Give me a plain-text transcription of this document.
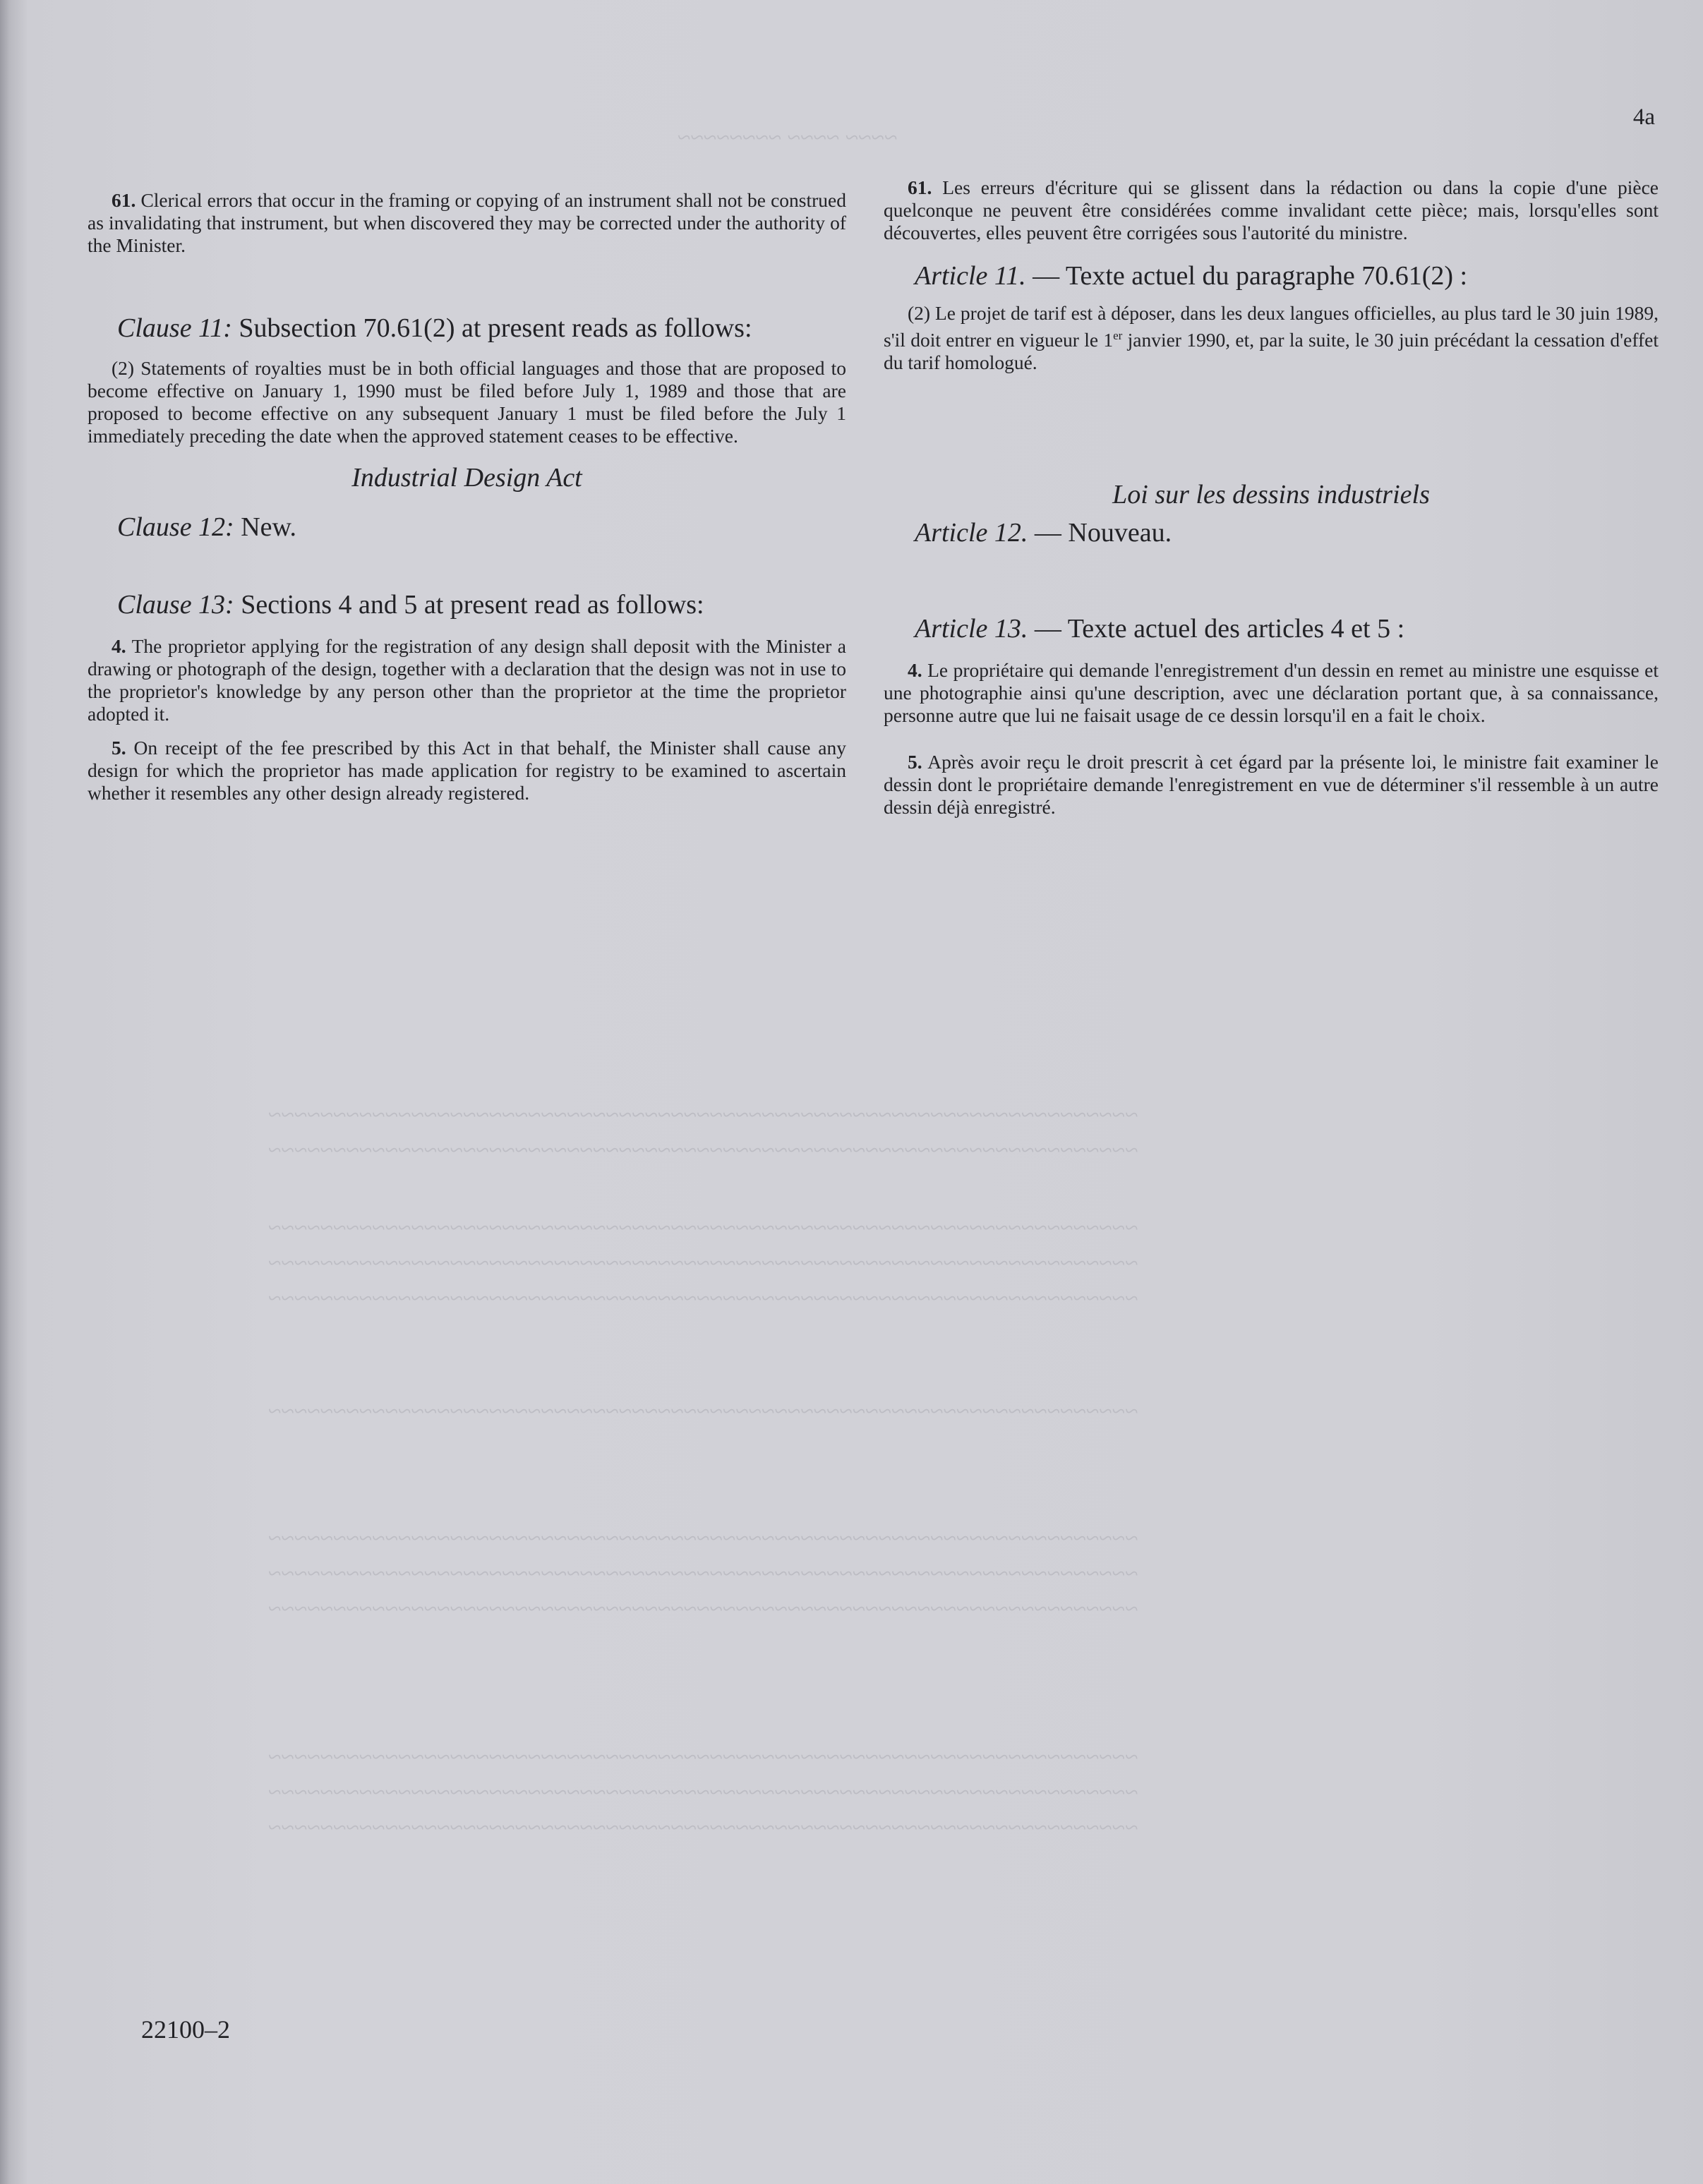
~~~~ ~~~~ ~~~~~~~~
~~~~~~~~~~~~~~~~~~~~~~~~~~~~~~~~~~~~~~~~~~~~~~~~~~~~~~~~~~~~~~~~~~~
~~~~~~~~~~~~~~~~~~~~~~~~~~~~~~~~~~~~~~~~~~~~~~~~~~~~~~~~~~~~~~~~~~~
~~~~~~~~~~~~~~~~~~~~~~~~~~~~~~~~~~~~~~~~~~~~~~~~~~~~~~~~~~~~~~~~~~~
~~~~~~~~~~~~~~~~~~~~~~~~~~~~~~~~~~~~~~~~~~~~~~~~~~~~~~~~~~~~~~~~~~~
~~~~~~~~~~~~~~~~~~~~~~~~~~~~~~~~~~~~~~~~~~~~~~~~~~~~~~~~~~~~~~~~~~~
~~~~~~~~~~~~~~~~~~~~~~~~~~~~~~~~~~~~~~~~~~~~~~~~~~~~~~~~~~~~~~~~~~~
~~~~~~~~~~~~~~~~~~~~~~~~~~~~~~~~~~~~~~~~~~~~~~~~~~~~~~~~~~~~~~~~~~~
~~~~~~~~~~~~~~~~~~~~~~~~~~~~~~~~~~~~~~~~~~~~~~~~~~~~~~~~~~~~~~~~~~~
~~~~~~~~~~~~~~~~~~~~~~~~~~~~~~~~~~~~~~~~~~~~~~~~~~~~~~~~~~~~~~~~~~~
~~~~~~~~~~~~~~~~~~~~~~~~~~~~~~~~~~~~~~~~~~~~~~~~~~~~~~~~~~~~~~~~~~~
~~~~~~~~~~~~~~~~~~~~~~~~~~~~~~~~~~~~~~~~~~~~~~~~~~~~~~~~~~~~~~~~~~~
~~~~~~~~~~~~~~~~~~~~~~~~~~~~~~~~~~~~~~~~~~~~~~~~~~~~~~~~~~~~~~~~~~~
4a

61. Clerical errors that occur in the framing or copying of an instrument shall not be construed as invalidating that instrument, but when discovered they may be corrected under the authority of the Minister.

Clause 11: Subsection 70.61(2) at present reads as follows:

(2) Statements of royalties must be in both official languages and those that are proposed to become effective on January 1, 1990 must be filed before July 1, 1989 and those that are proposed to become effective on any subsequent January 1 must be filed before the July 1 immediately preceding the date when the approved statement ceases to be effective.

Industrial Design Act

Clause 12: New.

Clause 13: Sections 4 and 5 at present read as follows:

4. The proprietor applying for the registration of any design shall deposit with the Minister a drawing or photograph of the design, together with a declaration that the design was not in use to the proprietor's knowledge by any person other than the proprietor at the time the proprietor adopted it.

5. On receipt of the fee prescribed by this Act in that behalf, the Minister shall cause any design for which the proprietor has made application for registry to be examined to ascertain whether it resembles any other design already registered.

61. Les erreurs d'écriture qui se glissent dans la rédaction ou dans la copie d'une pièce quelconque ne peuvent être considérées comme invalidant cette pièce; mais, lorsqu'elles sont découvertes, elles peuvent être corrigées sous l'autorité du ministre.

Article 11. — Texte actuel du paragraphe 70.61(2) :

(2) Le projet de tarif est à déposer, dans les deux langues officielles, au plus tard le 30 juin 1989, s'il doit entrer en vigueur le 1er janvier 1990, et, par la suite, le 30 juin précédant la cessation d'effet du tarif homologué.

Loi sur les dessins industriels

Article 12. — Nouveau.

Article 13. — Texte actuel des articles 4 et 5 :

4. Le propriétaire qui demande l'enregistrement d'un dessin en remet au ministre une esquisse et une photographie ainsi qu'une description, avec une déclaration portant que, à sa connaissance, personne autre que lui ne faisait usage de ce dessin lorsqu'il en a fait le choix.

5. Après avoir reçu le droit prescrit à cet égard par la présente loi, le ministre fait examiner le dessin dont le propriétaire demande l'enregistrement en vue de déterminer s'il ressemble à un autre dessin déjà enregistré.

22100–2
